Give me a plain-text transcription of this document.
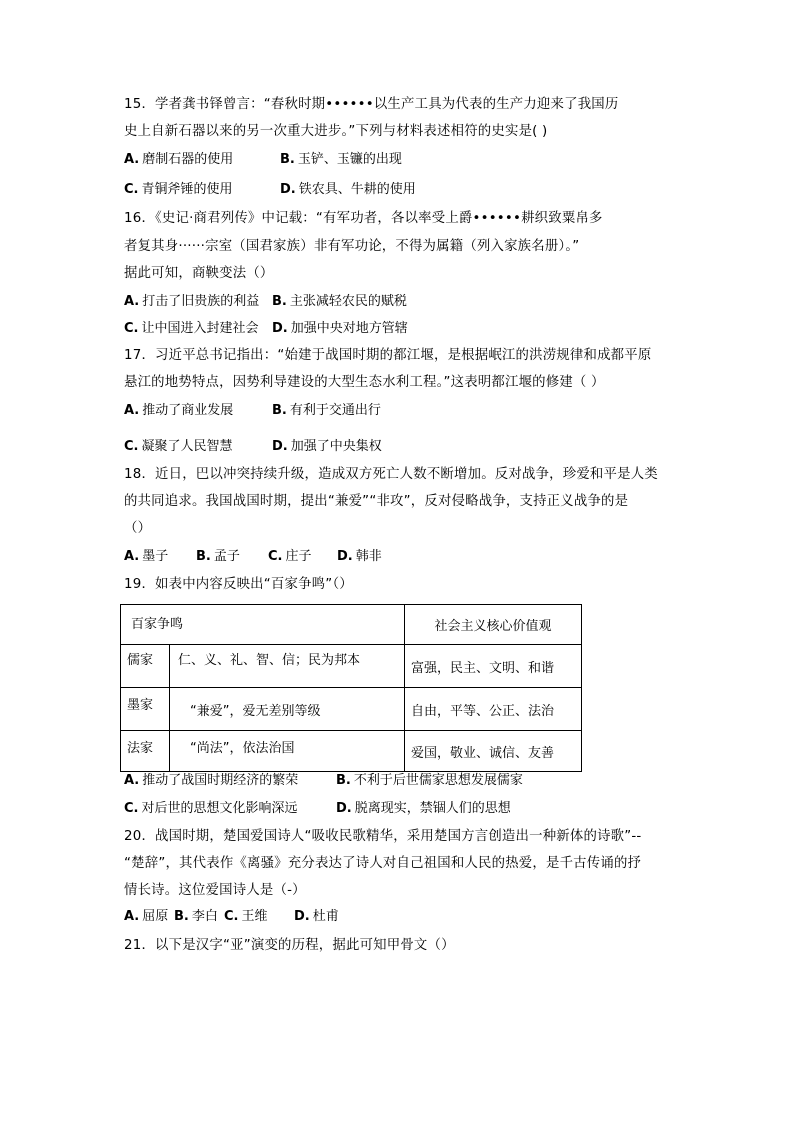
15．学者龚书铎曾言：“春秋时期••••••以生产工具为代表的生产力迎来了我国历
史上自新石器以来的另一次重大进步。”下列与材料表述相符的史实是( )
A. 磨制石器的使用	B. 玉铲、玉镰的出现
C. 青铜斧锤的使用	D. 铁农具、牛耕的使用
16．《史记·商君列传》中记载：“有军功者，各以率受上爵••••••耕织致粟帛多
者复其身······宗室（国君家族）非有军功论，不得为属籍（列入家族名册）。”
据此可知，商鞅变法（）
A. 打击了旧贵族的利益 B. 主张减轻农民的赋税
C. 让中国进入封建社会 D. 加强中央对地方管辖
17．习近平总书记指出：“始建于战国时期的都江堰，是根据岷江的洪涝规律和成都平原
悬江的地势特点，因势利导建设的大型生态水利工程。”这表明都江堰的修建（ ）
A. 推动了商业发展	B. 有利于交通出行
C. 凝聚了人民智慧	D. 加强了中央集权
18．近日，巴以冲突持续升级，造成双方死亡人数不断增加。反对战争，珍爱和平是人类
的共同追求。我国战国时期，提出“兼爱”“非攻”，反对侵略战争，支持正义战争的是
（）
A. 墨子 B. 孟子 C. 庄子 D. 韩非
19．如表中内容反映出“百家争鸣”（）
百家争鸣		社会主义核心价值观
儒家	仁、义、礼、智、信；民为邦本	富强，民主、文明、和谐
墨家	“兼爱”，爱无差别等级	自由，平等、公正、法治
法家	“尚法”，依法治国	爱国，敬业、诚信、友善
A. 推动了战国时期经济的繁荣	B. 不利于后世儒家思想发展儒家
C. 对后世的思想文化影响深远	D. 脱离现实，禁锢人们的思想
20．战国时期，楚国爱国诗人“吸收民歌精华，采用楚国方言创造出一种新体的诗歌”--
“楚辞”，其代表作《离骚》充分表达了诗人对自己祖国和人民的热爱，是千古传诵的抒
情长诗。这位爱国诗人是（-）
A. 屈原 B. 李白 C. 王维 D. 杜甫
21．以下是汉字“亚”演变的历程，据此可知甲骨文（）
